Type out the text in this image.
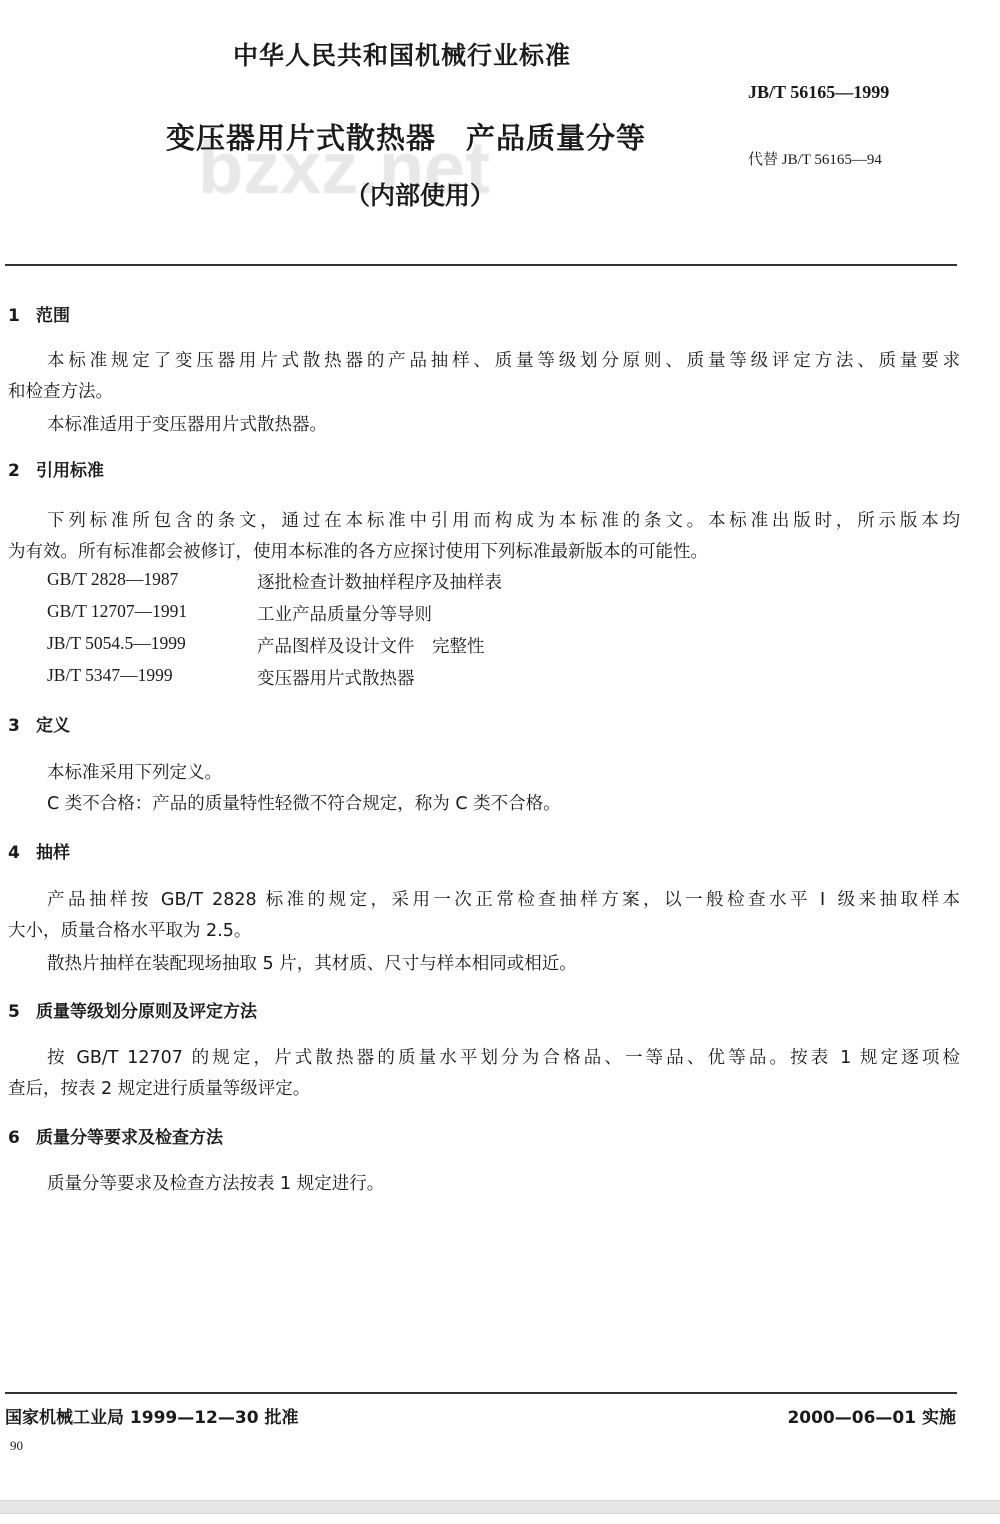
中华人民共和国机械行业标准
JB/T 56165—1999
变压器用片式散热器　产品质量分等
代替 JB/T 56165—94
（内部使用）
1 范围
本标准规定了变压器用片式散热器的产品抽样、质量等级划分原则、质量等级评定方法、质量要求
和检查方法。
本标准适用于变压器用片式散热器。
2 引用标准
下列标准所包含的条文，通过在本标准中引用而构成为本标准的条文。本标准出版时，所示版本均
为有效。所有标准都会被修订，使用本标准的各方应探讨使用下列标准最新版本的可能性。
GB/T 2828—1987	逐批检查计数抽样程序及抽样表
GB/T 12707—1991	工业产品质量分等导则
JB/T 5054.5—1999	产品图样及设计文件　完整性
JB/T 5347—1999	变压器用片式散热器
3 定义
本标准采用下列定义。
C 类不合格：产品的质量特性轻微不符合规定，称为 C 类不合格。
4 抽样
产品抽样按 GB/T 2828 标准的规定，采用一次正常检查抽样方案，以一般检查水平 Ⅰ 级来抽取样本
大小，质量合格水平取为 2.5。
散热片抽样在装配现场抽取 5 片，其材质、尺寸与样本相同或相近。
5 质量等级划分原则及评定方法
按 GB/T 12707 的规定，片式散热器的质量水平划分为合格品、一等品、优等品。按表 1 规定逐项检
查后，按表 2 规定进行质量等级评定。
6 质量分等要求及检查方法
质量分等要求及检查方法按表 1 规定进行。
国家机械工业局 1999—12—30 批准	2000—06—01 实施
90
